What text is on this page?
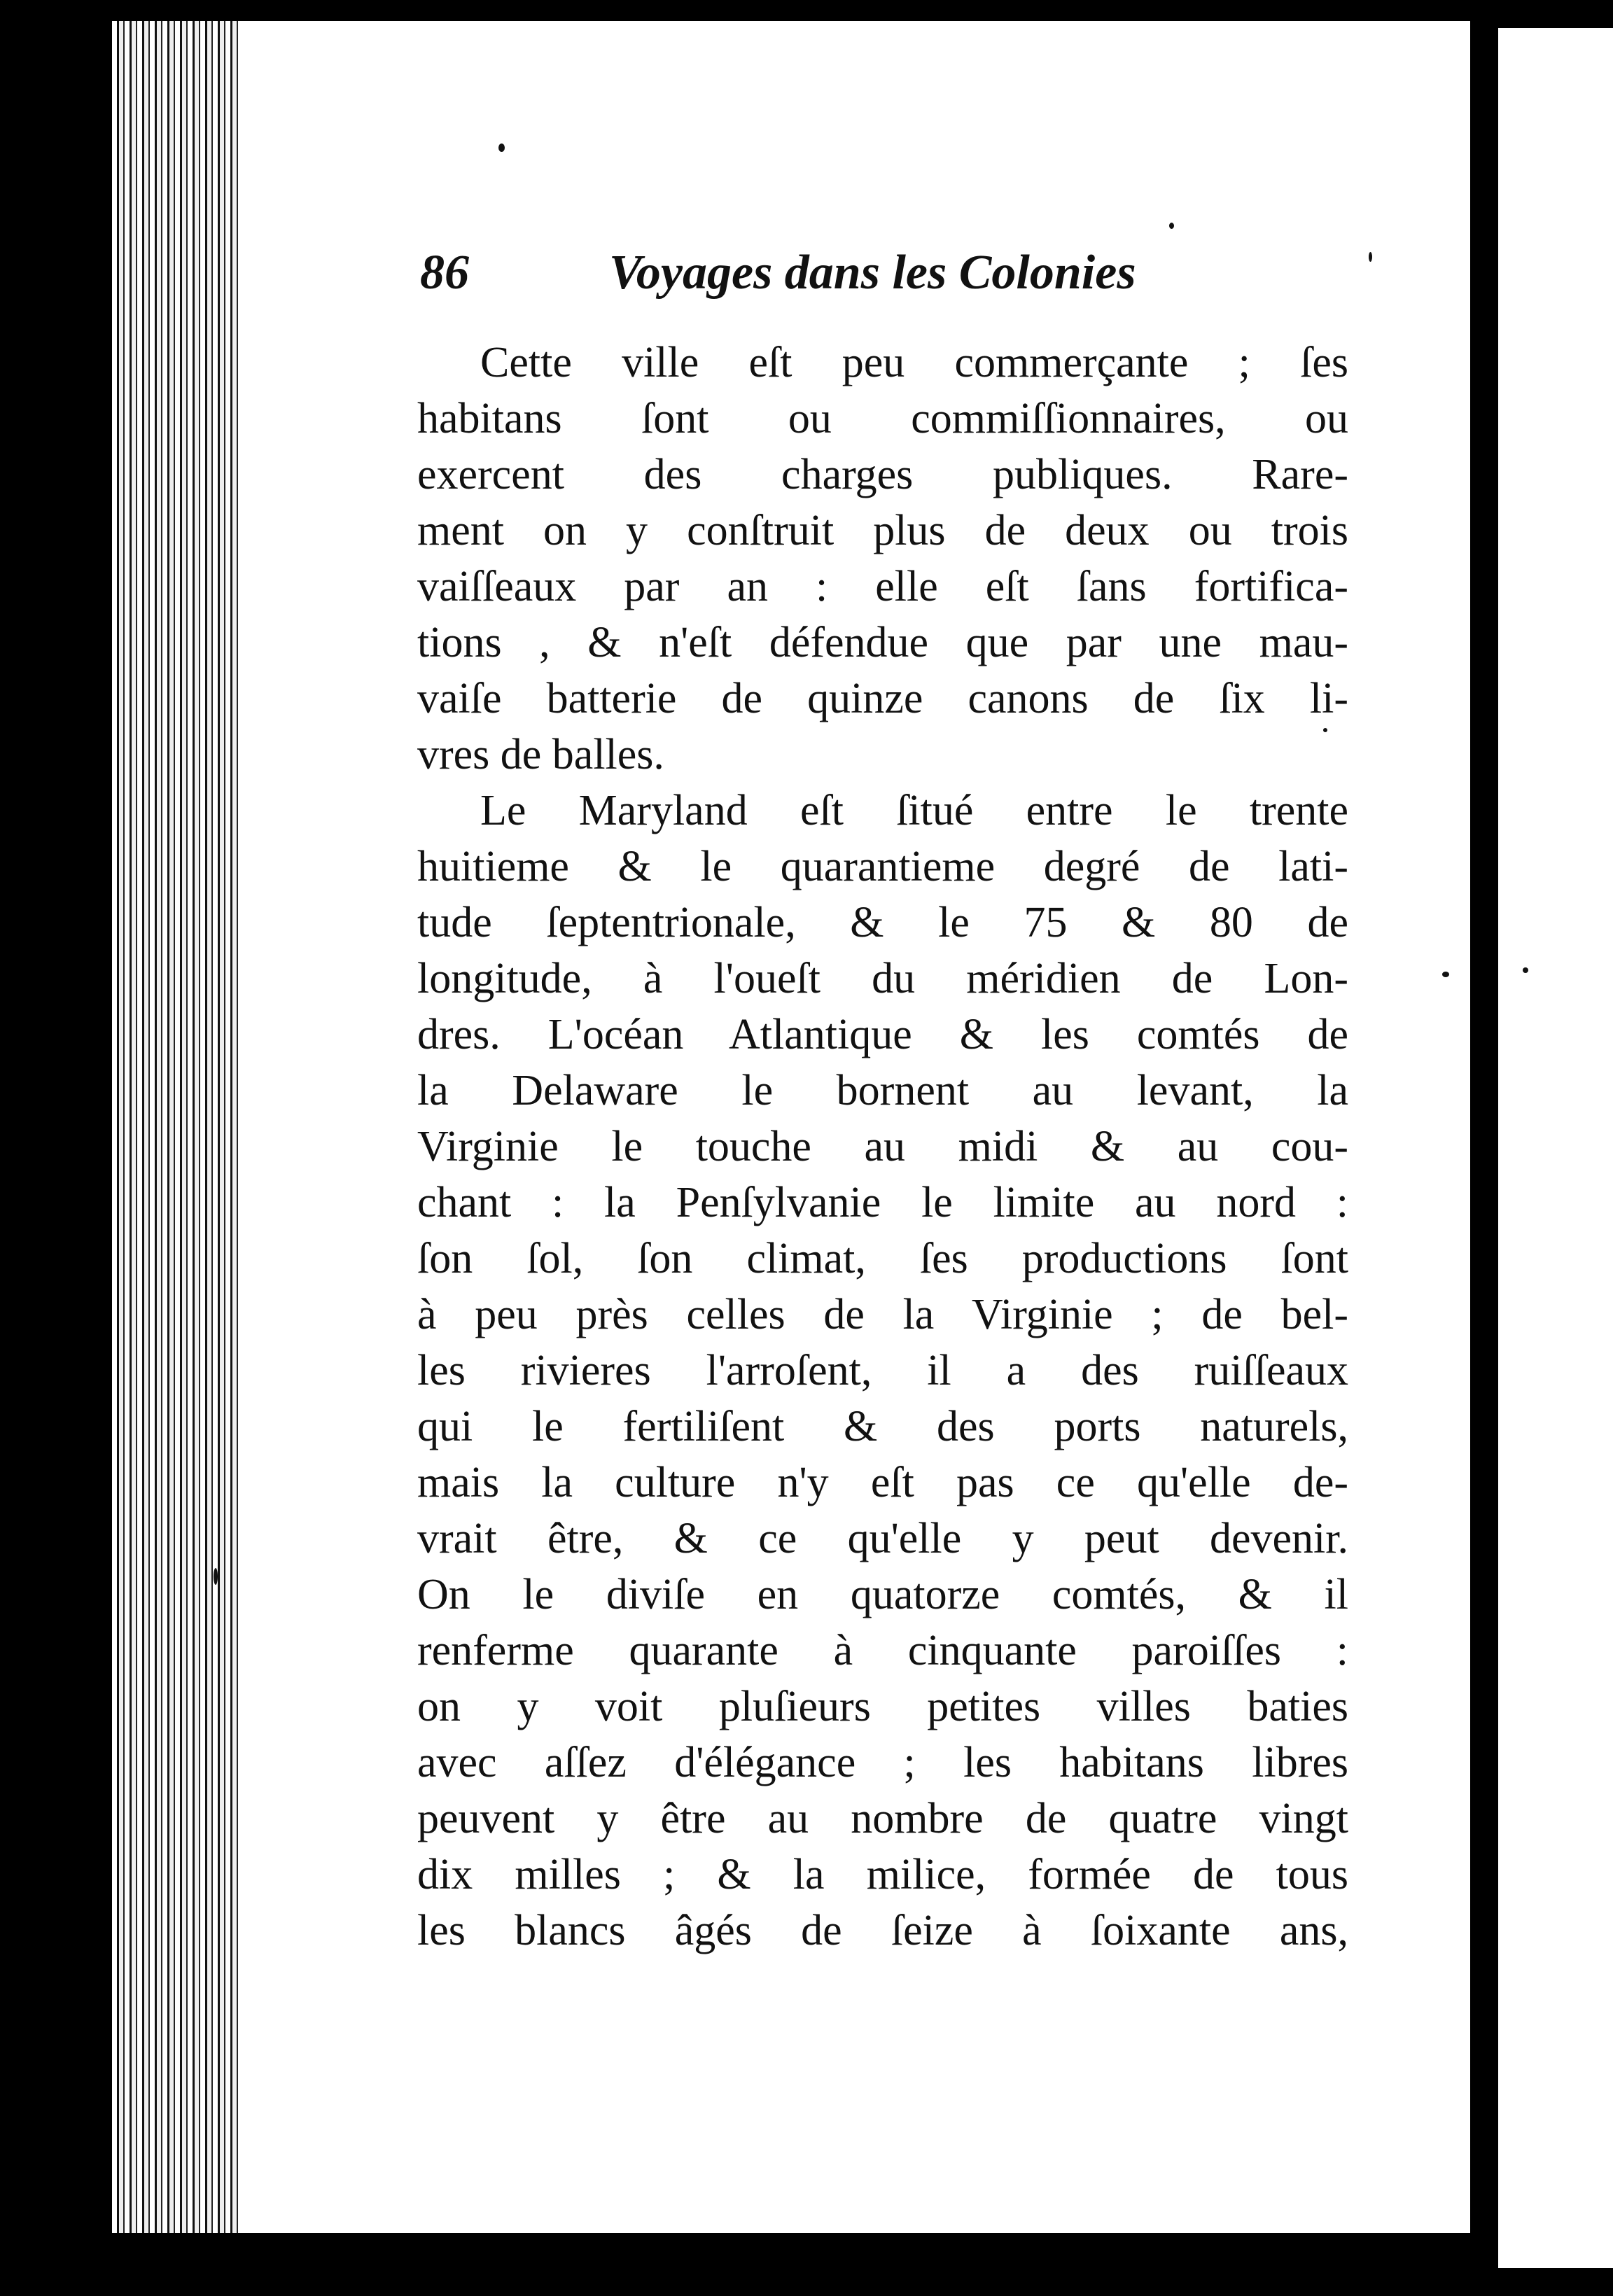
86	Voyages dans les Colonies
Cette ville eſt peu commerçante ; ſes
habitans ſont ou commiſſionnaires, ou
exercent des charges publiques. Rare-
ment on y conſtruit plus de deux ou trois
vaiſſeaux par an : elle eſt ſans fortifica-
tions , & n'eſt défendue que par une mau-
vaiſe batterie de quinze canons de ſix li-
vres de balles.
Le Maryland eſt ſitué entre le trente
huitieme & le quarantieme degré de lati-
tude ſeptentrionale, & le 75 & 80 de
longitude, à l'oueſt du méridien de Lon-
dres. L'océan Atlantique & les comtés de
la Delaware le bornent au levant, la
Virginie le touche au midi & au cou-
chant : la Penſylvanie le limite au nord :
ſon ſol, ſon climat, ſes productions ſont
à peu près celles de la Virginie ; de bel-
les rivieres l'arroſent, il a des ruiſſeaux
qui le fertiliſent & des ports naturels,
mais la culture n'y eſt pas ce qu'elle de-
vrait être, & ce qu'elle y peut devenir.
On le diviſe en quatorze comtés, & il
renferme quarante à cinquante paroiſſes :
on y voit pluſieurs petites villes baties
avec aſſez d'élégance ; les habitans libres
peuvent y être au nombre de quatre vingt
dix milles ; & la milice, formée de tous
les blancs âgés de ſeize à ſoixante ans,
